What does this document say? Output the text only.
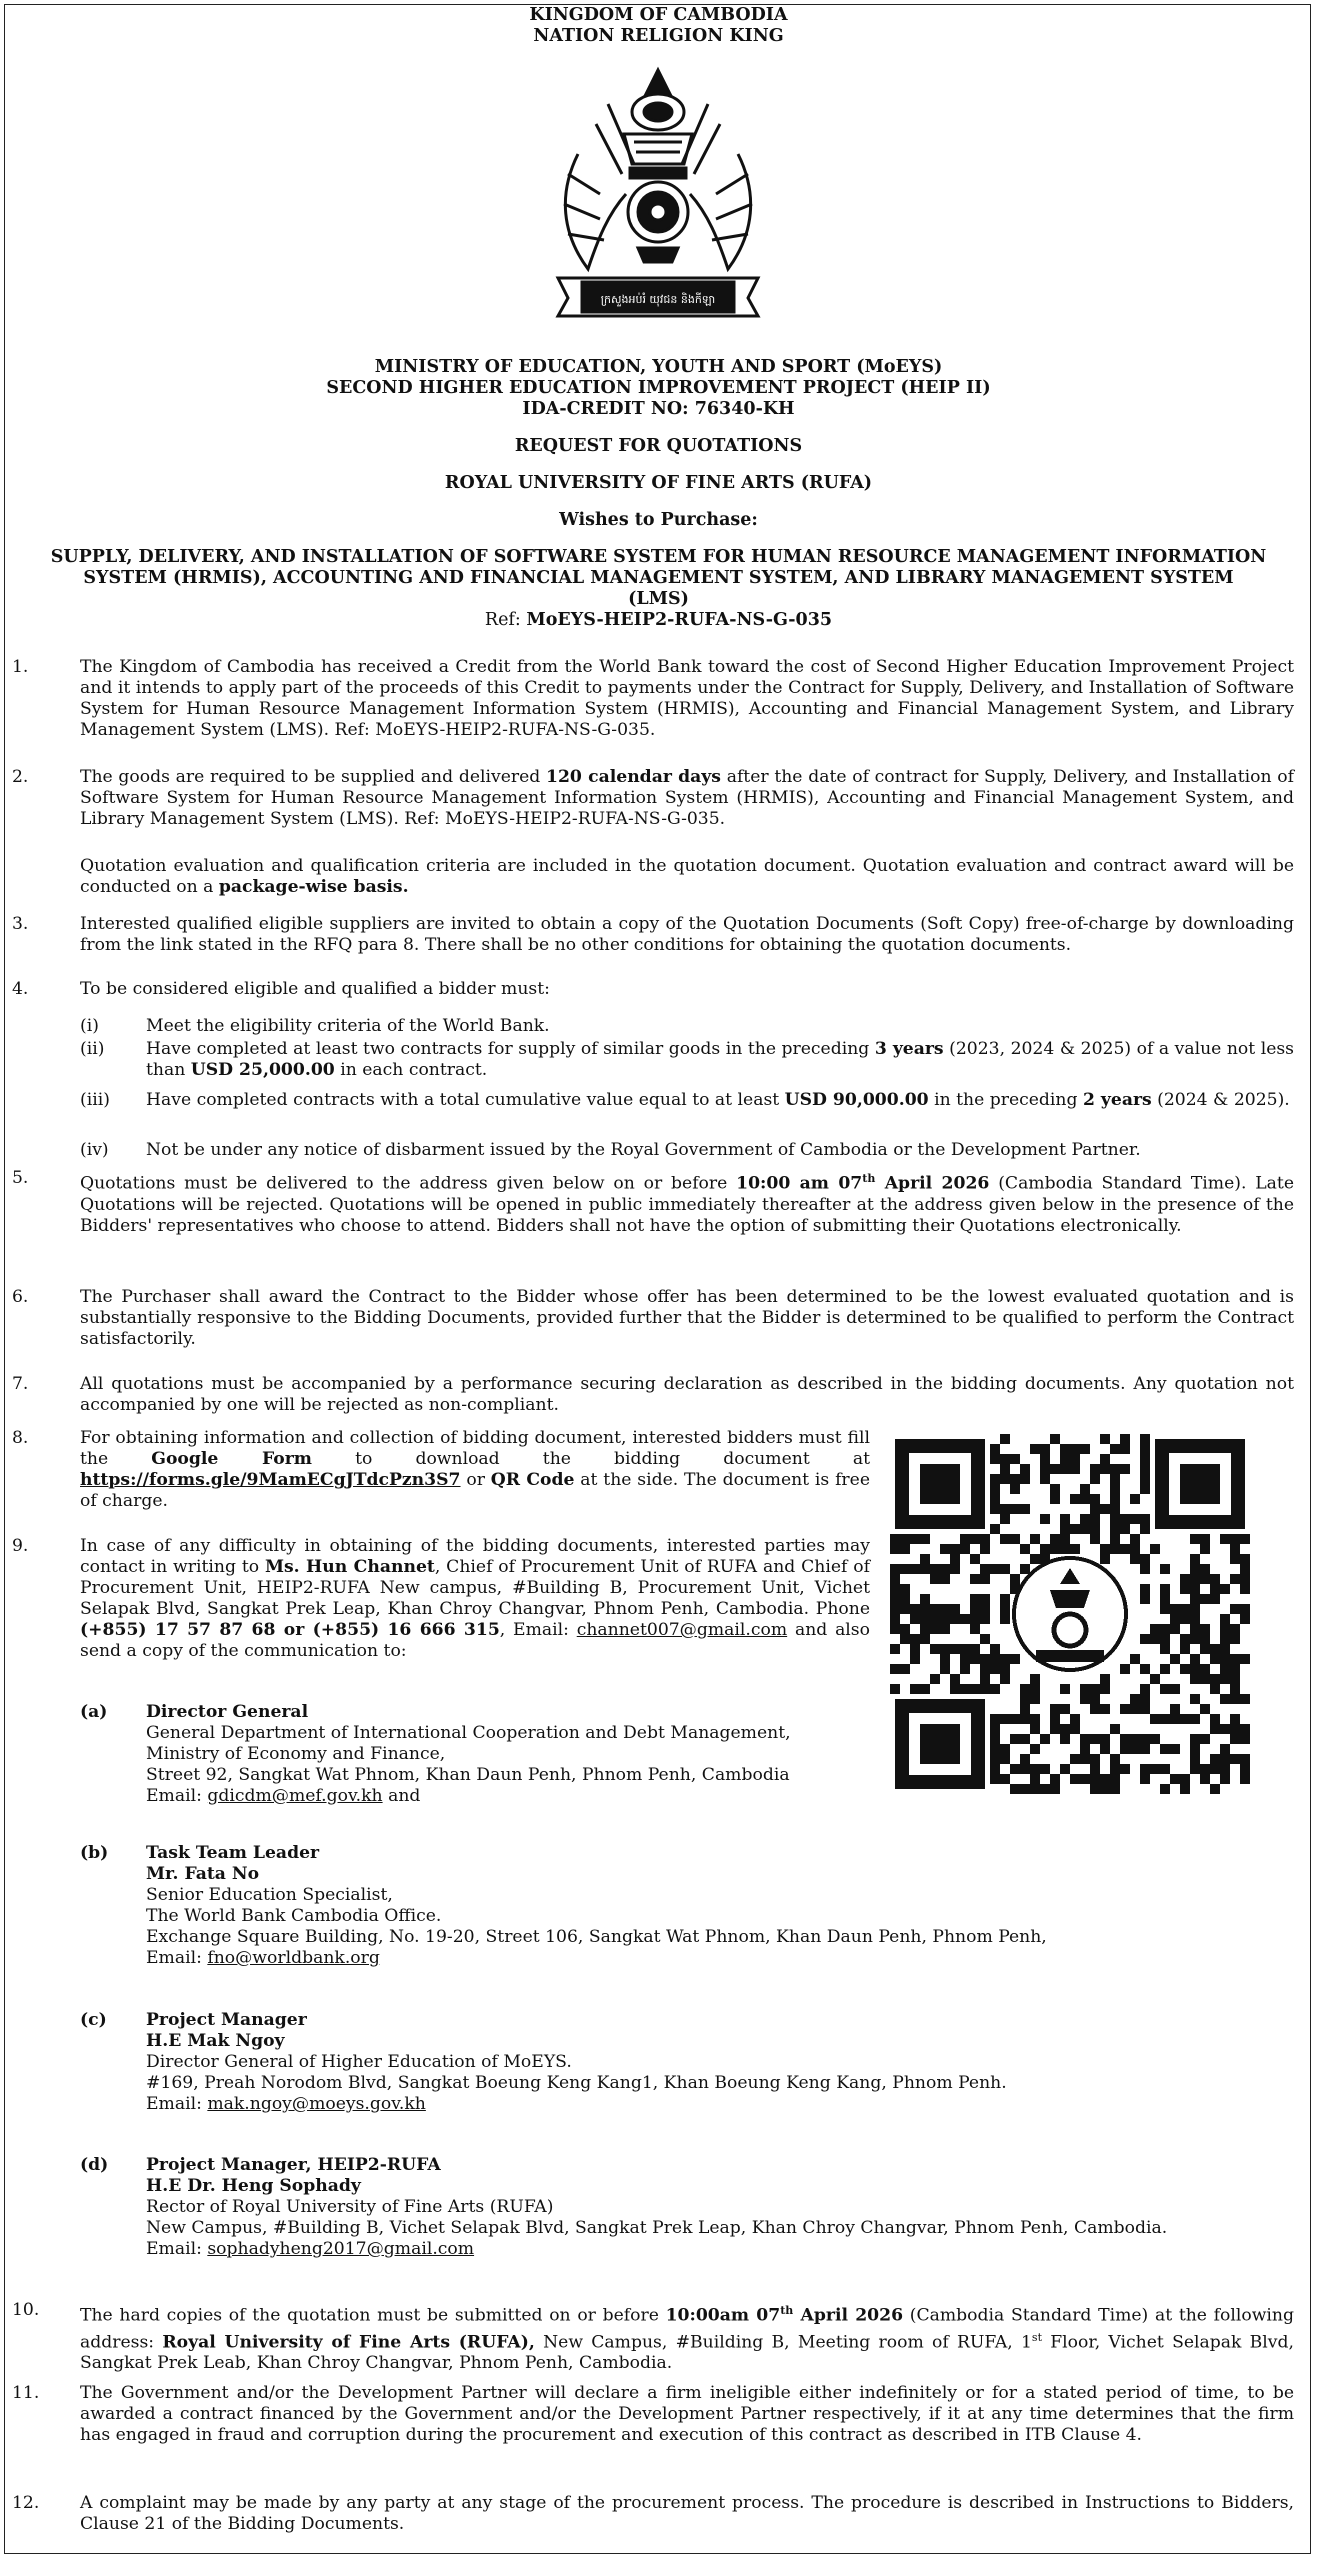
KINGDOM OF CAMBODIA
NATION RELIGION KING
ក្រសួងអប់រំ យុវជន និងកីឡា
MINISTRY OF EDUCATION, YOUTH AND SPORT (MoEYS)
SECOND HIGHER EDUCATION IMPROVEMENT PROJECT (HEIP II)
IDA-CREDIT NO: 76340-KH
REQUEST FOR QUOTATIONS
ROYAL UNIVERSITY OF FINE ARTS (RUFA)
Wishes to Purchase:
SUPPLY, DELIVERY, AND INSTALLATION OF SOFTWARE SYSTEM FOR HUMAN RESOURCE MANAGEMENT INFORMATION SYSTEM (HRMIS), ACCOUNTING AND FINANCIAL MANAGEMENT SYSTEM, AND LIBRARY MANAGEMENT SYSTEM (LMS)
Ref: MoEYS-HEIP2-RUFA-NS-G-035
1.	The Kingdom of Cambodia has received a Credit from the World Bank toward the cost of Second Higher Education Improvement Project and it intends to apply part of the proceeds of this Credit to payments under the Contract for Supply, Delivery, and Installation of Software System for Human Resource Management Information System (HRMIS), Accounting and Financial Management System, and Library Management System (LMS). Ref: MoEYS-HEIP2-RUFA-NS-G-035.
2.	The goods are required to be supplied and delivered 120 calendar days after the date of contract for Supply, Delivery, and Installation of Software System for Human Resource Management Information System (HRMIS), Accounting and Financial Management System, and Library Management System (LMS). Ref: MoEYS-HEIP2-RUFA-NS-G-035.
Quotation evaluation and qualification criteria are included in the quotation document. Quotation evaluation and contract award will be conducted on a package-wise basis.
3.	Interested qualified eligible suppliers are invited to obtain a copy of the Quotation Documents (Soft Copy) free-of-charge by downloading from the link stated in the RFQ para 8. There shall be no other conditions for obtaining the quotation documents.
4.	To be considered eligible and qualified a bidder must:
(i)	Meet the eligibility criteria of the World Bank.
(ii)	Have completed at least two contracts for supply of similar goods in the preceding 3 years (2023, 2024 & 2025) of a value not less than USD 25,000.00 in each contract.
(iii)	Have completed contracts with a total cumulative value equal to at least USD 90,000.00 in the preceding 2 years (2024 & 2025).
(iv)	Not be under any notice of disbarment issued by the Royal Government of Cambodia or the Development Partner.
5.	Quotations must be delivered to the address given below on or before 10:00 am 07th April 2026 (Cambodia Standard Time). Late Quotations will be rejected. Quotations will be opened in public immediately thereafter at the address given below in the presence of the Bidders' representatives who choose to attend. Bidders shall not have the option of submitting their Quotations electronically.
6.	The Purchaser shall award the Contract to the Bidder whose offer has been determined to be the lowest evaluated quotation and is substantially responsive to the Bidding Documents, provided further that the Bidder is determined to be qualified to perform the Contract satisfactorily.
7.	All quotations must be accompanied by a performance securing declaration as described in the bidding documents. Any quotation not accompanied by one will be rejected as non-compliant.
8.	For obtaining information and collection of bidding document, interested bidders must fill the Google Form to download the bidding document at https://forms.gle/9MamECgJTdcPzn3S7 or QR Code at the side. The document is free of charge.
9.	In case of any difficulty in obtaining of the bidding documents, interested parties may contact in writing to Ms. Hun Channet, Chief of Procurement Unit of RUFA and Chief of Procurement Unit, HEIP2-RUFA New campus, #Building B, Procurement Unit, Vichet Selapak Blvd, Sangkat Prek Leap, Khan Chroy Changvar, Phnom Penh, Cambodia. Phone (+855) 17 57 87 68 or (+855) 16 666 315, Email: channet007@gmail.com and also send a copy of the communication to:
(a) Director General
General Department of International Cooperation and Debt Management,
Ministry of Economy and Finance,
Street 92, Sangkat Wat Phnom, Khan Daun Penh, Phnom Penh, Cambodia
Email: gdicdm@mef.gov.kh and
(b) Task Team Leader
Mr. Fata No
Senior Education Specialist,
The World Bank Cambodia Office.
Exchange Square Building, No. 19-20, Street 106, Sangkat Wat Phnom, Khan Daun Penh, Phnom Penh,
Email: fno@worldbank.org
(c) Project Manager
H.E Mak Ngoy
Director General of Higher Education of MoEYS.
#169, Preah Norodom Blvd, Sangkat Boeung Keng Kang1, Khan Boeung Keng Kang, Phnom Penh.
Email: mak.ngoy@moeys.gov.kh
(d) Project Manager, HEIP2-RUFA
H.E Dr. Heng Sophady
Rector of Royal University of Fine Arts (RUFA)
New Campus, #Building B, Vichet Selapak Blvd, Sangkat Prek Leap, Khan Chroy Changvar, Phnom Penh, Cambodia.
Email: sophadyheng2017@gmail.com
10.	The hard copies of the quotation must be submitted on or before 10:00am 07th April 2026 (Cambodia Standard Time) at the following address: Royal University of Fine Arts (RUFA), New Campus, #Building B, Meeting room of RUFA, 1st Floor, Vichet Selapak Blvd, Sangkat Prek Leab, Khan Chroy Changvar, Phnom Penh, Cambodia.
11.	The Government and/or the Development Partner will declare a firm ineligible either indefinitely or for a stated period of time, to be awarded a contract financed by the Government and/or the Development Partner respectively, if it at any time determines that the firm has engaged in fraud and corruption during the procurement and execution of this contract as described in ITB Clause 4.
12.	A complaint may be made by any party at any stage of the procurement process. The procedure is described in Instructions to Bidders, Clause 21 of the Bidding Documents.
